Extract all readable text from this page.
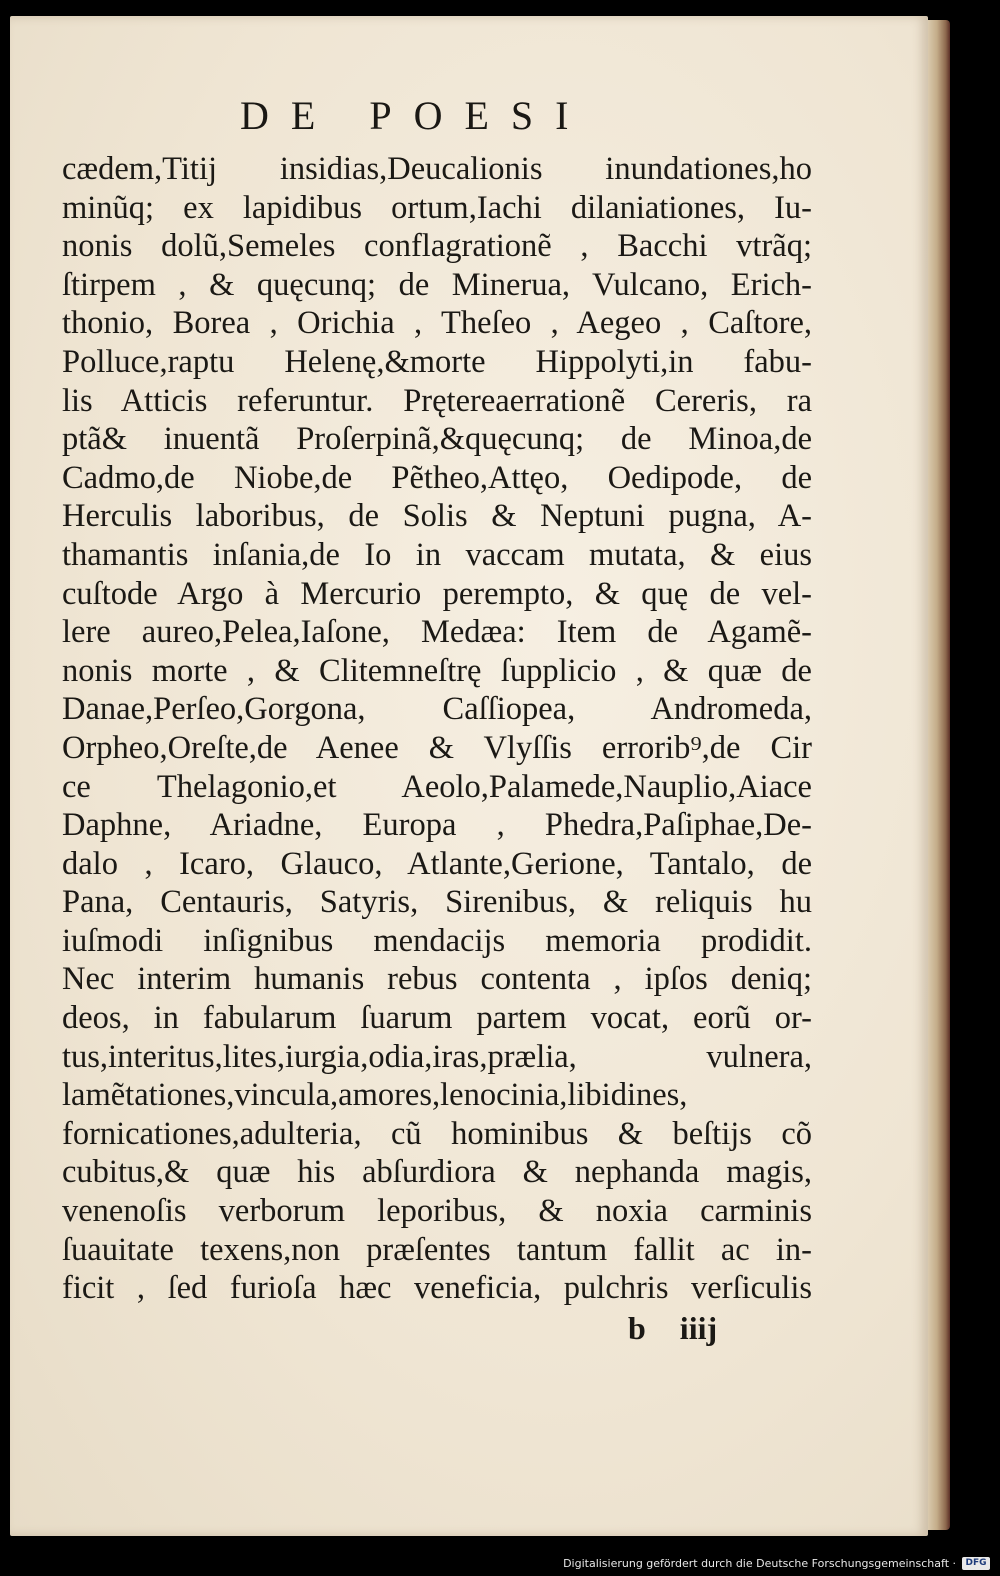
DE POESI
cædem,Titij insidias,Deucalionis inundationes,ho
minũq; ex lapidibus ortum,Iachi dilaniationes, Iu-
nonis dolũ,Semeles conflagrationẽ , Bacchi vtrãq;
ſtirpem , & quęcunq; de Minerua, Vulcano, Erich-
thonio, Borea , Orichia , Theſeo , Aegeo , Caſtore,
Polluce,raptu Helenę,&morte Hippolyti,in fabu-
lis Atticis referuntur. Prętereaerrationẽ Cereris, ra
ptã& inuentã Proſerpinã,&quęcunq; de Minoa,de
Cadmo,de Niobe,de Pẽtheo,Attęo, Oedipode, de
Herculis laboribus, de Solis & Neptuni pugna, A-
thamantis inſania,de Io in vaccam mutata, & eius
cuſtode Argo à Mercurio perempto, & quę de vel-
lere aureo,Pelea,Iaſone, Medæa: Item de Agamẽ-
nonis morte , & Clitemneſtrę ſupplicio , & quæ de
Danae,Perſeo,Gorgona, Caſſiopea, Andromeda,
Orpheo,Oreſte,de Aenee & Vlyſſis errorib⁹,de Cir
ce Thelagonio,et Aeolo,Palamede,Nauplio,Aiace
Daphne, Ariadne, Europa , Phedra,Paſiphae,De-
dalo , Icaro, Glauco, Atlante,Gerione, Tantalo, de
Pana, Centauris, Satyris, Sirenibus, & reliquis hu
iuſmodi inſignibus mendacijs memoria prodidit.
Nec interim humanis rebus contenta , ipſos deniq;
deos, in fabularum ſuarum partem vocat, eorũ or-
tus,interitus,lites,iurgia,odia,iras,prælia, vulnera,
lamẽtationes,vincula,amores,lenocinia,libidines,
fornicationes,adulteria, cũ hominibus & beſtijs cõ
cubitus,& quæ his abſurdiora & nephanda magis,
venenoſis verborum leporibus, & noxia carminis
ſuauitate texens,non præſentes tantum fallit ac in-
ficit , ſed furioſa hæc veneficia, pulchris verſiculis
b iiij
Digitalisierung gefördert durch die Deutsche Forschungsgemeinschaft ·	DFG
